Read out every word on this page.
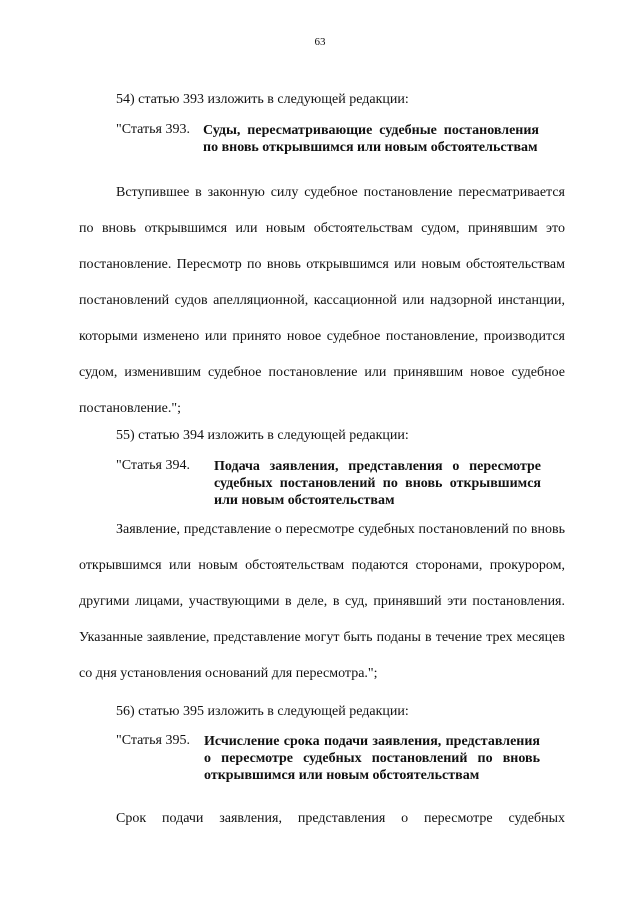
63
54) статью 393 изложить в следующей редакции:
"Статья 393. Суды, пересматривающие судебные постановления по вновь открывшимся или новым обстоятельствам
Вступившее в законную силу судебное постановление пересматривается по вновь открывшимся или новым обстоятельствам судом, принявшим это постановление. Пересмотр по вновь открывшимся или новым обстоятельствам постановлений судов апелляционной, кассационной или надзорной инстанции, которыми изменено или принято новое судебное постановление, производится судом, изменившим судебное постановление или принявшим новое судебное постановление.";
55) статью 394 изложить в следующей редакции:
"Статья 394. Подача заявления, представления о пересмотре судебных постановлений по вновь открывшимся или новым обстоятельствам
Заявление, представление о пересмотре судебных постановлений по вновь открывшимся или новым обстоятельствам подаются сторонами, прокурором, другими лицами, участвующими в деле, в суд, принявший эти постановления. Указанные заявление, представление могут быть поданы в течение трех месяцев со дня установления оснований для пересмотра.";
56) статью 395 изложить в следующей редакции:
"Статья 395. Исчисление срока подачи заявления, представления о пересмотре судебных постановлений по вновь открывшимся или новым обстоятельствам
Срок подачи заявления, представления о пересмотре судебных
